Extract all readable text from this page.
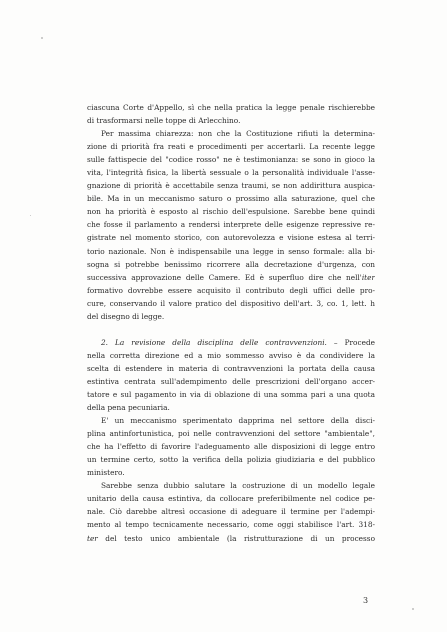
ciascuna Corte d'Appello, sì che nella pratica la legge penale rischierebbe
di trasformarsi nelle toppe di Arlecchino.
Per massima chiarezza: non che la Costituzione rifiuti la determina-
zione di priorità fra reati e procedimenti per accertarli. La recente legge
sulle fattispecie del "codice rosso" ne è testimonianza: se sono in gioco la
vita, l'integrità fisica, la libertà sessuale o la personalità individuale l'asse-
gnazione di priorità è accettabile senza traumi, se non addirittura auspica-
bile. Ma in un meccanismo saturo o prossimo alla saturazione, quel che
non ha priorità è esposto al rischio dell'espulsione. Sarebbe bene quindi
che fosse il parlamento a rendersi interprete delle esigenze repressive re-
gistrate nel momento storico, con autorevolezza e visione estesa al terri-
torio nazionale. Non è indispensabile una legge in senso formale: alla bi-
sogna si potrebbe benissimo ricorrere alla decretazione d'urgenza, con
successiva approvazione delle Camere. Ed è superfluo dire che nell'iter
formativo dovrebbe essere acquisito il contributo degli uffici delle pro-
cure, conservando il valore pratico del dispositivo dell'art. 3, co. 1, lett. h
del disegno di legge.
2. La revisione della disciplina delle contravvenzioni. – Procede
nella corretta direzione ed a mio sommesso avviso è da condividere la
scelta di estendere in materia di contravvenzioni la portata della causa
estintiva centrata sull'adempimento delle prescrizioni dell'organo accer-
tatore e sul pagamento in via di oblazione di una somma pari a una quota
della pena pecuniaria.
E' un meccanismo sperimentato dapprima nel settore della disci-
plina antinfortunistica, poi nelle contravvenzioni del settore "ambientale",
che ha l'effetto di favorire l'adeguamento alle disposizioni di legge entro
un termine certo, sotto la verifica della polizia giudiziaria e del pubblico
ministero.
Sarebbe senza dubbio salutare la costruzione di un modello legale
unitario della causa estintiva, da collocare preferibilmente nel codice pe-
nale. Ciò darebbe altresì occasione di adeguare il termine per l'adempi-
mento al tempo tecnicamente necessario, come oggi stabilisce l'art. 318-
ter del testo unico ambientale (la ristrutturazione di un processo
3
